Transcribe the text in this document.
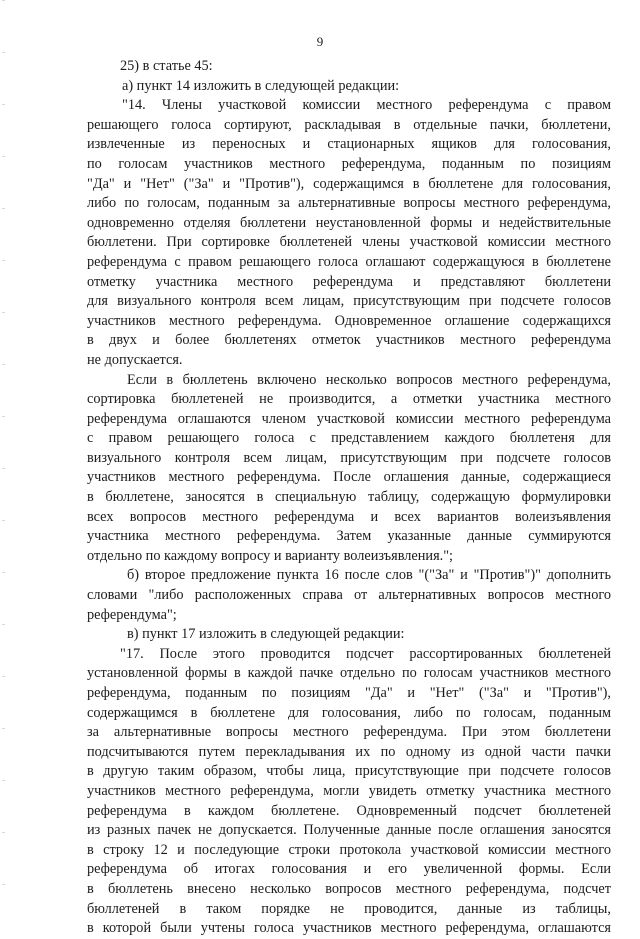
9
25) в статье 45:
а) пункт 14 изложить в следующей редакции:
"14. Члены участковой комиссии местного референдума с правом
решающего голоса сортируют, раскладывая в отдельные пачки, бюллетени,
извлеченные из переносных и стационарных ящиков для голосования,
по голосам участников местного референдума, поданным по позициям
"Да" и "Нет" ("За" и "Против"), содержащимся в бюллетене для голосования,
либо по голосам, поданным за альтернативные вопросы местного референдума,
одновременно отделяя бюллетени неустановленной формы и недействительные
бюллетени. При сортировке бюллетеней члены участковой комиссии местного
референдума с правом решающего голоса оглашают содержащуюся в бюллетене
отметку участника местного референдума и представляют бюллетени
для визуального контроля всем лицам, присутствующим при подсчете голосов
участников местного референдума. Одновременное оглашение содержащихся
в двух и более бюллетенях отметок участников местного референдума
не допускается.
Если в бюллетень включено несколько вопросов местного референдума,
сортировка бюллетеней не производится, а отметки участника местного
референдума оглашаются членом участковой комиссии местного референдума
с правом решающего голоса с представлением каждого бюллетеня для
визуального контроля всем лицам, присутствующим при подсчете голосов
участников местного референдума. После оглашения данные, содержащиеся
в бюллетене, заносятся в специальную таблицу, содержащую формулировки
всех вопросов местного референдума и всех вариантов волеизъявления
участника местного референдума. Затем указанные данные суммируются
отдельно по каждому вопросу и варианту волеизъявления.";
б) второе предложение пункта 16 после слов "("За" и "Против")" дополнить
словами "либо расположенных справа от альтернативных вопросов местного
референдума";
в) пункт 17 изложить в следующей редакции:
"17. После этого проводится подсчет рассортированных бюллетеней
установленной формы в каждой пачке отдельно по голосам участников местного
референдума, поданным по позициям "Да" и "Нет" ("За" и "Против"),
содержащимся в бюллетене для голосования, либо по голосам, поданным
за альтернативные вопросы местного референдума. При этом бюллетени
подсчитываются путем перекладывания их по одному из одной части пачки
в другую таким образом, чтобы лица, присутствующие при подсчете голосов
участников местного референдума, могли увидеть отметку участника местного
референдума в каждом бюллетене. Одновременный подсчет бюллетеней
из разных пачек не допускается. Полученные данные после оглашения заносятся
в строку 12 и последующие строки протокола участковой комиссии местного
референдума об итогах голосования и его увеличенной формы. Если
в бюллетень внесено несколько вопросов местного референдума, подсчет
бюллетеней в таком порядке не проводится, данные из таблицы,
в которой были учтены голоса участников местного референдума, оглашаются
